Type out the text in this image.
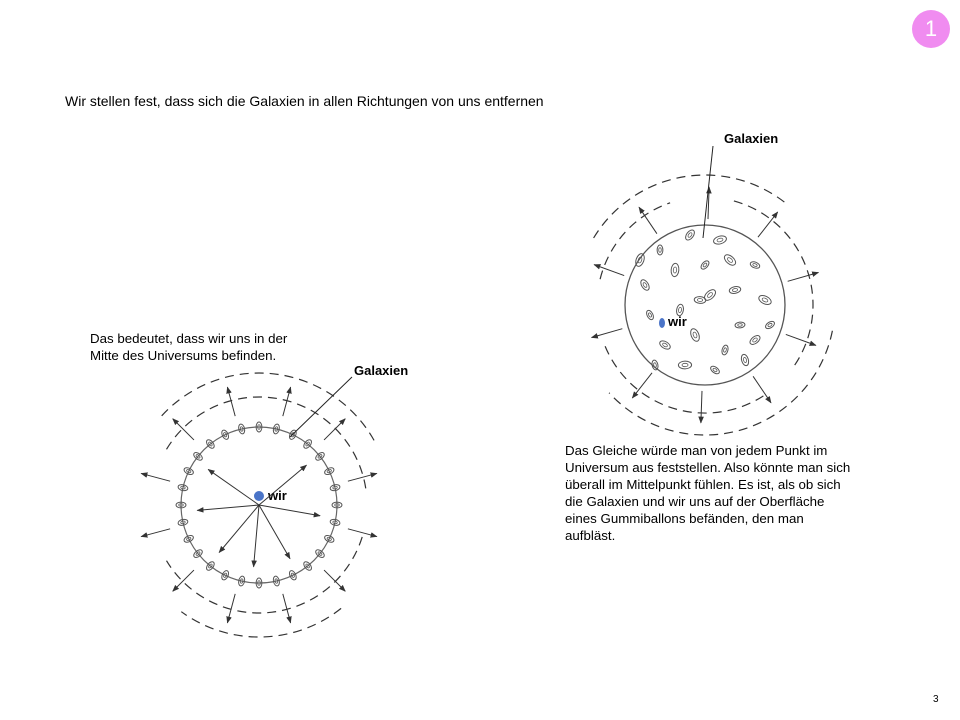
1
Wir stellen fest, dass sich die Galaxien in allen Richtungen von uns entfernen
Das bedeutet, dass wir uns in der
Mitte des Universums befinden.
Das Gleiche würde man von jedem Punkt im
Universum aus feststellen. Also könnte man sich
überall im Mittelpunkt fühlen. Es ist, als ob sich
die Galaxien und wir uns auf der Oberfläche
eines Gummiballons befänden, den man
aufbläst.
Galaxien
wir
Galaxien
wir
3
